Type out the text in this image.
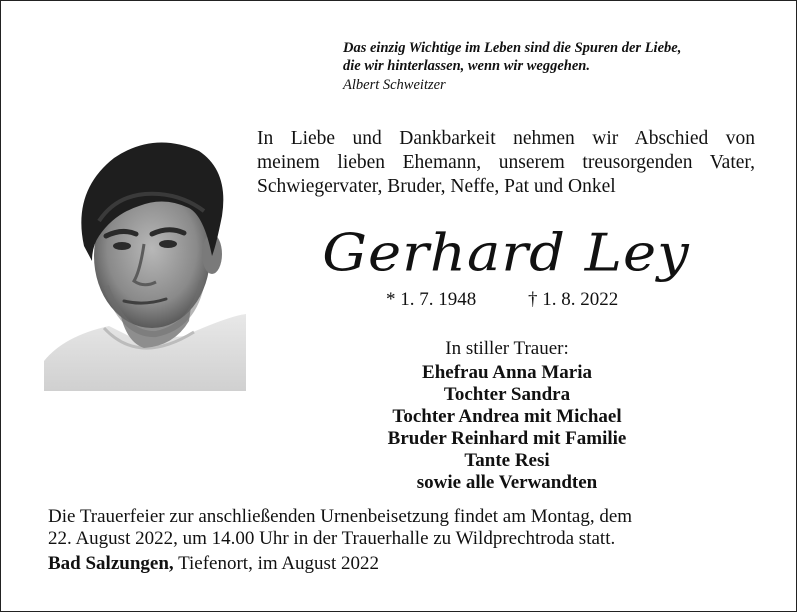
Das einzig Wichtige im Leben sind die Spuren der Liebe,
die wir hinterlassen, wenn wir weggehen.
Albert Schweitzer
In Liebe und Dankbarkeit nehmen wir Abschied von
meinem lieben Ehemann, unserem treusorgenden Vater,
Schwiegervater, Bruder, Neffe, Pat und Onkel
Gerhard Ley
* 1. 7. 1948	† 1. 8. 2022
In stiller Trauer:
Ehefrau Anna Maria
Tochter Sandra
Tochter Andrea mit Michael
Bruder Reinhard mit Familie
Tante Resi
sowie alle Verwandten
Die Trauerfeier zur anschließenden Urnenbeisetzung findet am Montag, dem
22. August 2022, um 14.00 Uhr in der Trauerhalle zu Wildprechtroda statt.
Bad Salzungen, Tiefenort, im August 2022
